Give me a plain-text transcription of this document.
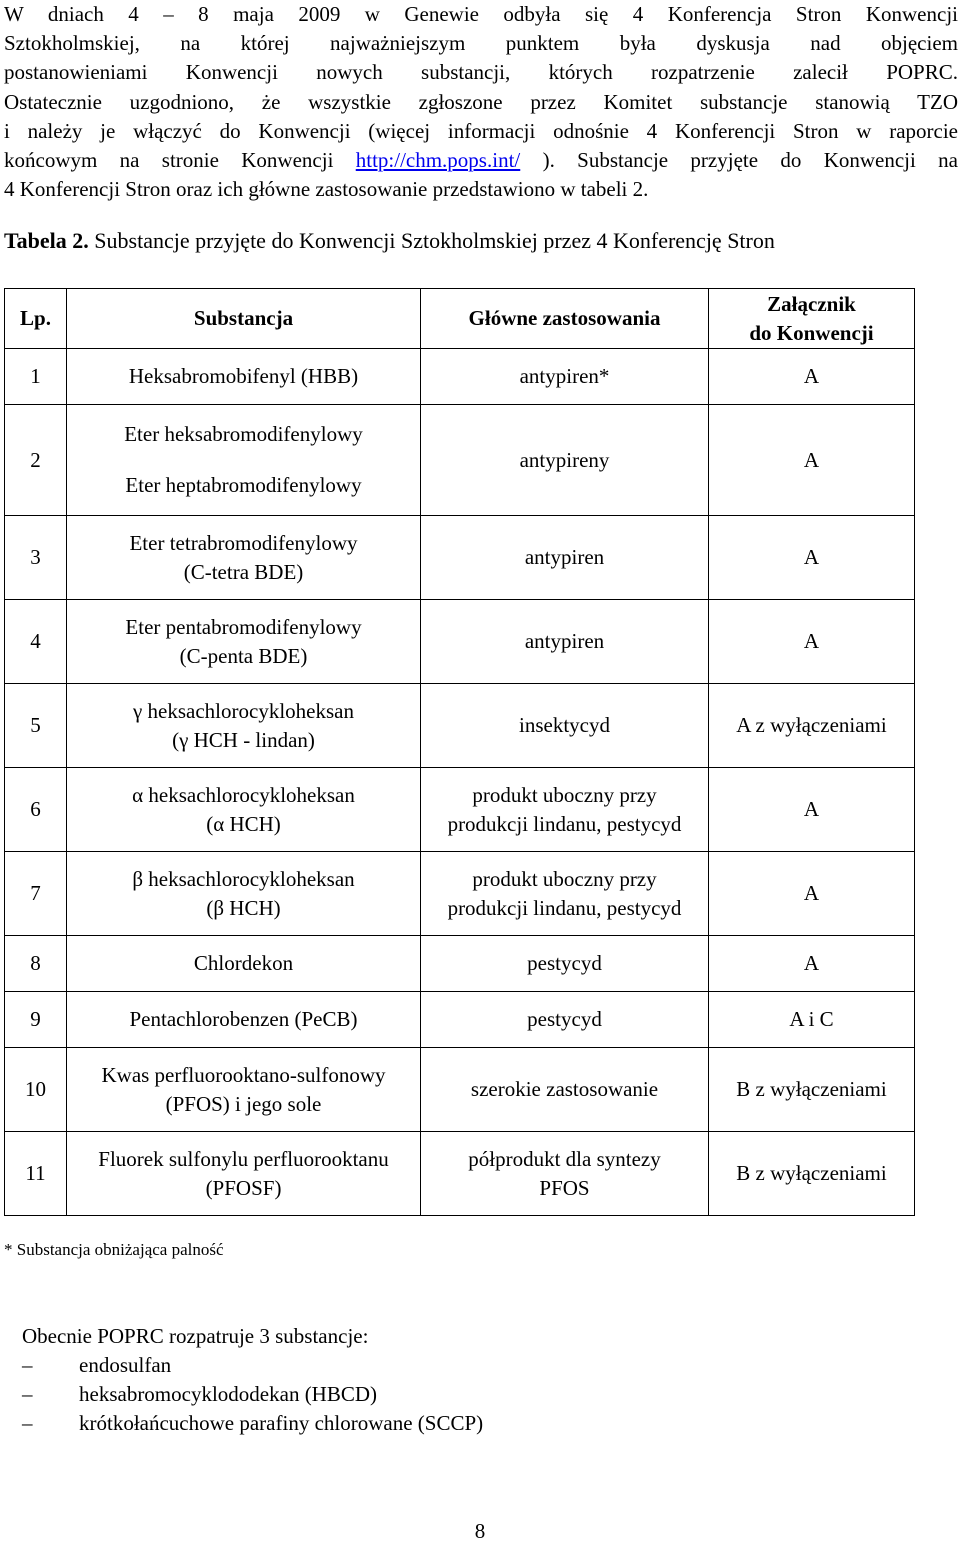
W dniach 4 – 8 maja 2009 w Genewie odbyła się 4 Konferencja Stron Konwencji
Sztokholmskiej, na której najważniejszym punktem była dyskusja nad objęciem
postanowieniami Konwencji nowych substancji, których rozpatrzenie zalecił POPRC.
Ostatecznie uzgodniono, że wszystkie zgłoszone przez Komitet substancje stanowią TZO
i należy je włączyć do Konwencji (więcej informacji odnośnie 4 Konferencji Stron w raporcie
końcowym na stronie Konwencji http://chm.pops.int/ ). Substancje przyjęte do Konwencji na
4 Konferencji Stron oraz ich główne zastosowanie przedstawiono w tabeli 2.
Tabela 2. Substancje przyjęte do Konwencji Sztokholmskiej przez 4 Konferencję Stron
Lp.	Substancja	Główne zastosowania	Załącznik
do Konwencji

1	Heksabromobifenyl (HBB)	antypiren*	A
2	Eter heksabromodifenylowy
Eter heptabromodifenylowy	antypireny	A
3	Eter tetrabromodifenylowy
(C-tetra BDE)	antypiren	A
4	Eter pentabromodifenylowy
(C-penta BDE)	antypiren	A
5	γ heksachlorocykloheksan
(γ HCH - lindan)	insektycyd	A z wyłączeniami
6	α heksachlorocykloheksan
(α HCH)	produkt uboczny przy
produkcji lindanu, pestycyd	A
7	β heksachlorocykloheksan
(β HCH)	produkt uboczny przy
produkcji lindanu, pestycyd	A
8	Chlordekon	pestycyd	A
9	Pentachlorobenzen (PeCB)	pestycyd	A i C
10	Kwas perfluorooktano-sulfonowy
(PFOS) i jego sole	szerokie zastosowanie	B z wyłączeniami
11	Fluorek sulfonylu perfluorooktanu
(PFOSF)	półprodukt dla syntezy
PFOS	B z wyłączeniami
* Substancja obniżająca palność
Obecnie POPRC rozpatruje 3 substancje:
–	endosulfan
–	heksabromocyklododekan (HBCD)
–	krótkołańcuchowe parafiny chlorowane (SCCP)
8
